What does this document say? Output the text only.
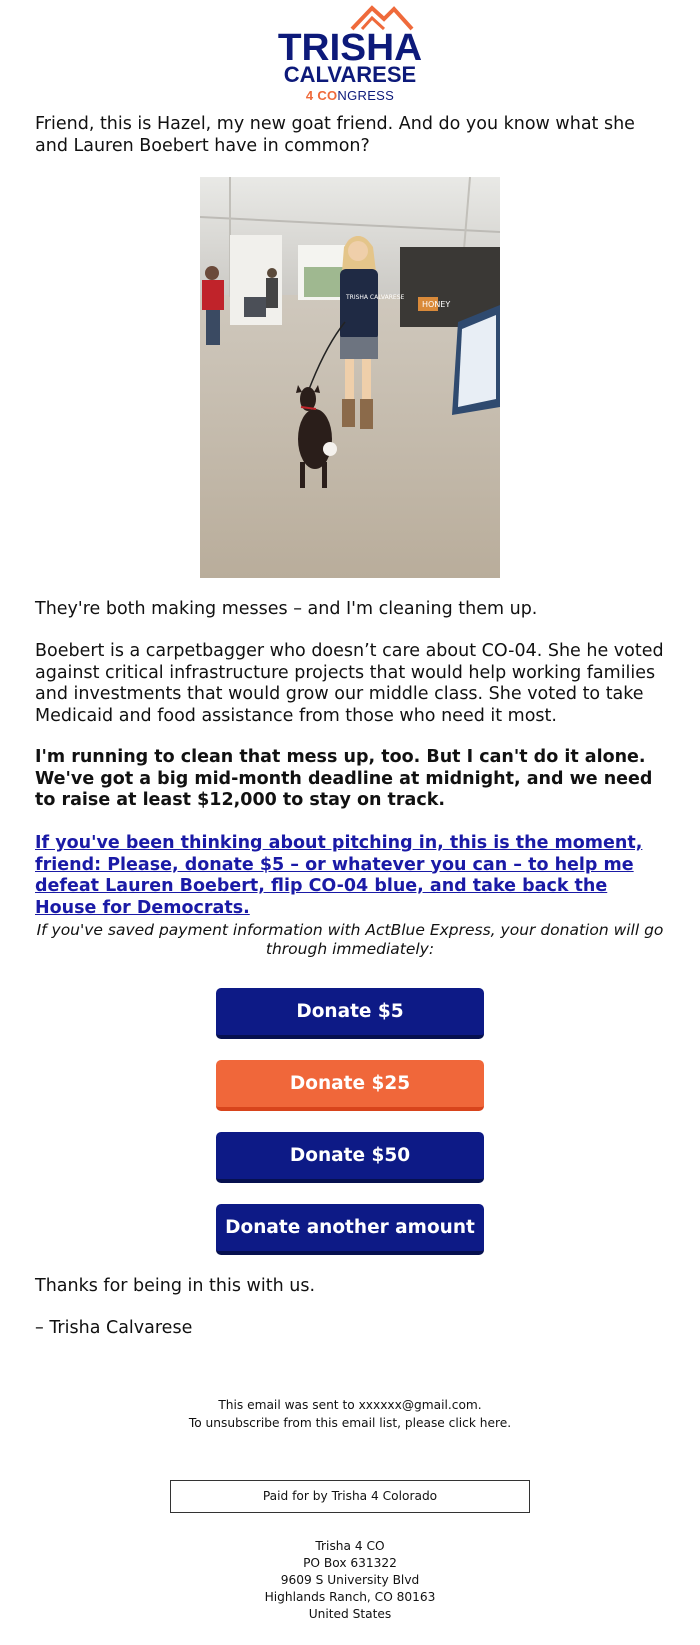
TRISHA
CALVARESE
4 CONGRESS

Friend, this is Hazel, my new goat friend. And do you know what she and Lauren Boebert have in common?

TRISHA CALVARESE
HONEY

They're both making messes – and I'm cleaning them up.

Boebert is a carpetbagger who doesn’t care about CO-04. She he voted against critical infrastructure projects that would help working families and investments that would grow our middle class. She voted to take Medicaid and food assistance from those who need it most.

I'm running to clean that mess up, too. But I can't do it alone. We've got a big mid-month deadline at midnight, and we need to raise at least $12,000 to stay on track.

If you've been thinking about pitching in, this is the moment, friend: Please, donate $5 – or whatever you can – to help me defeat Lauren Boebert, flip CO-04 blue, and take back the House for Democrats.

If you've saved payment information with ActBlue Express, your donation will go through immediately:
Donate $5
Donate $25
Donate $50
Donate another amount

Thanks for being in this with us.

– Trisha Calvarese

This email was sent to xxxxxx@gmail.com.
To unsubscribe from this email list, please click here.
Paid for by Trisha 4 Colorado
Trisha 4 CO
PO Box 631322
9609 S University Blvd
Highlands Ranch, CO 80163
United States
